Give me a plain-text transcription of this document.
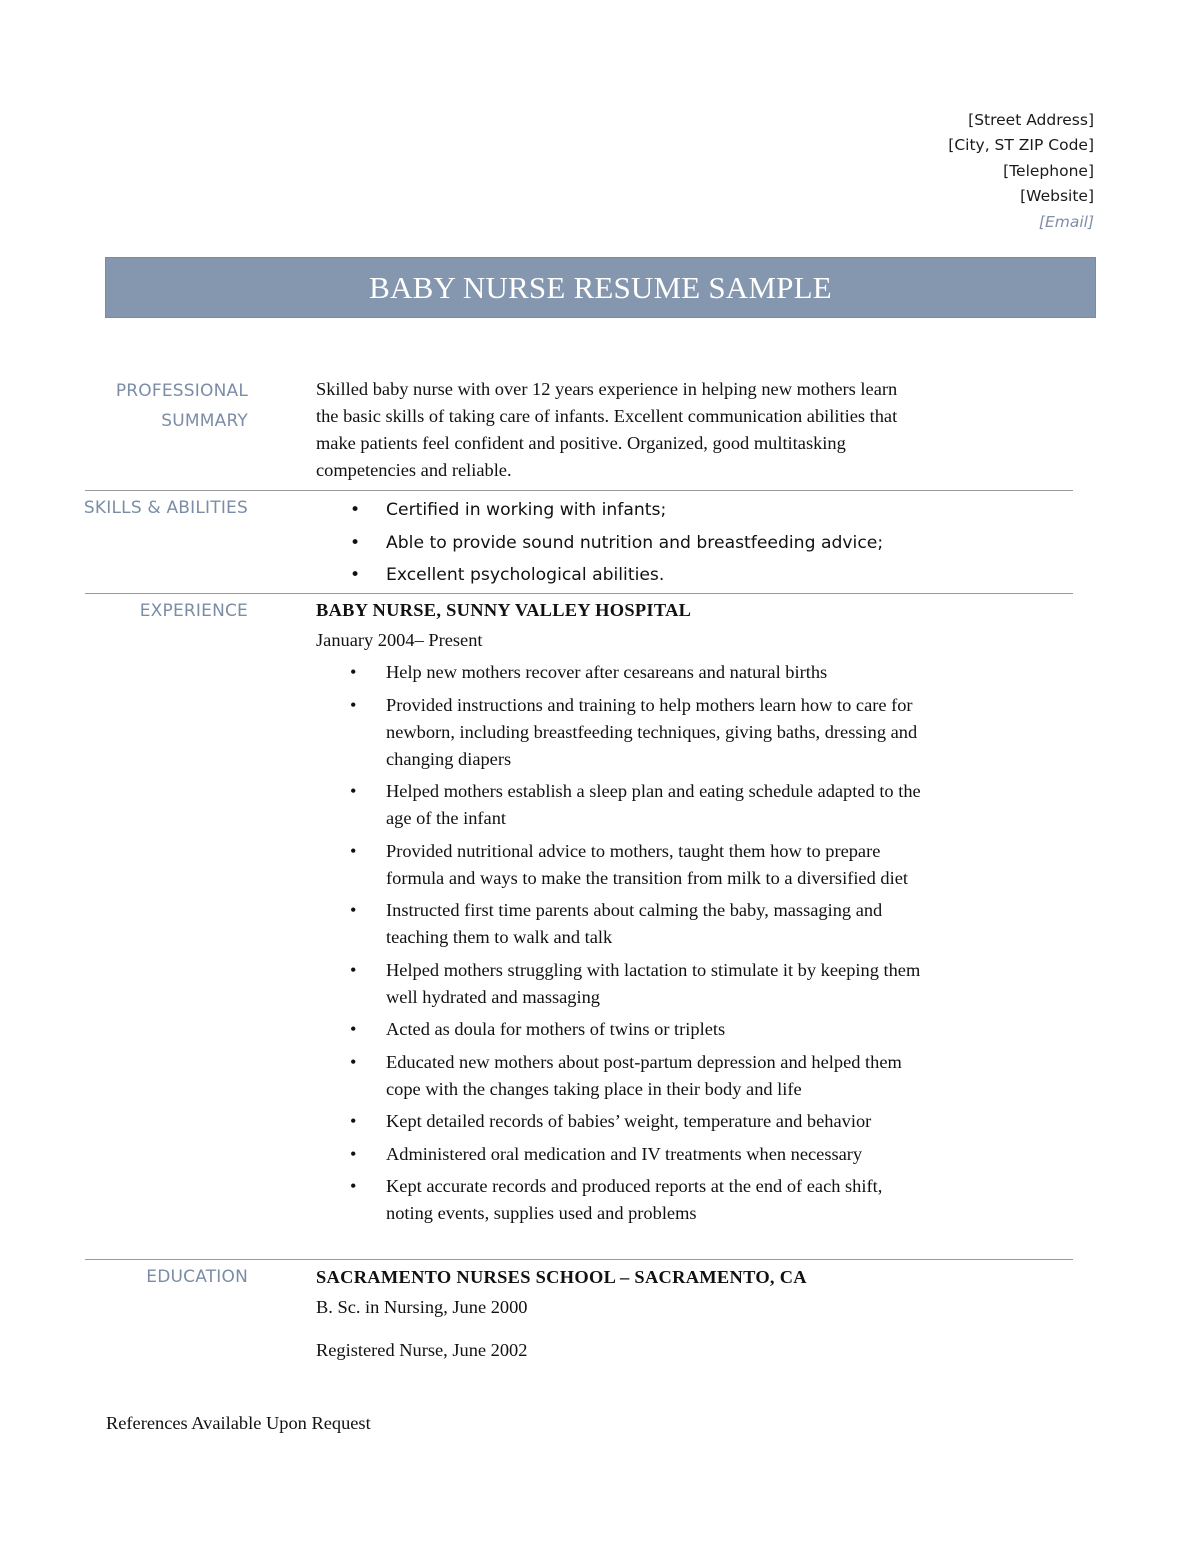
[Street Address]
[City, ST ZIP Code]
[Telephone]
[Website]
[Email]
BABY NURSE RESUME SAMPLE
PROFESSIONAL
SUMMARY
Skilled baby nurse with over 12 years experience in helping new mothers learn the basic skills of taking care of infants. Excellent communication abilities that make patients feel confident and positive. Organized, good multitasking competencies and reliable.
SKILLS & ABILITIES
•	Certified in working with infants;
• Able to provide sound nutrition and breastfeeding advice;
• Excellent psychological abilities.
EXPERIENCE	BABY NURSE, SUNNY VALLEY HOSPITAL
January 2004– Present
• Help new mothers recover after cesareans and natural births
• Provided instructions and training to help mothers learn how to care for newborn, including breastfeeding techniques, giving baths, dressing and changing diapers
• Helped mothers establish a sleep plan and eating schedule adapted to the age of the infant
• Provided nutritional advice to mothers, taught them how to prepare formula and ways to make the transition from milk to a diversified diet
• Instructed first time parents about calming the baby, massaging and teaching them to walk and talk
• Helped mothers struggling with lactation to stimulate it by keeping them well hydrated and massaging
• Acted as doula for mothers of twins or triplets
• Educated new mothers about post-partum depression and helped them cope with the changes taking place in their body and life
• Kept detailed records of babies’ weight, temperature and behavior
• Administered oral medication and IV treatments when necessary
• Kept accurate records and produced reports at the end of each shift, noting events, supplies used and problems
EDUCATION	SACRAMENTO NURSES SCHOOL – SACRAMENTO, CA
B. Sc. in Nursing, June 2000
Registered Nurse, June 2002
References Available Upon Request
